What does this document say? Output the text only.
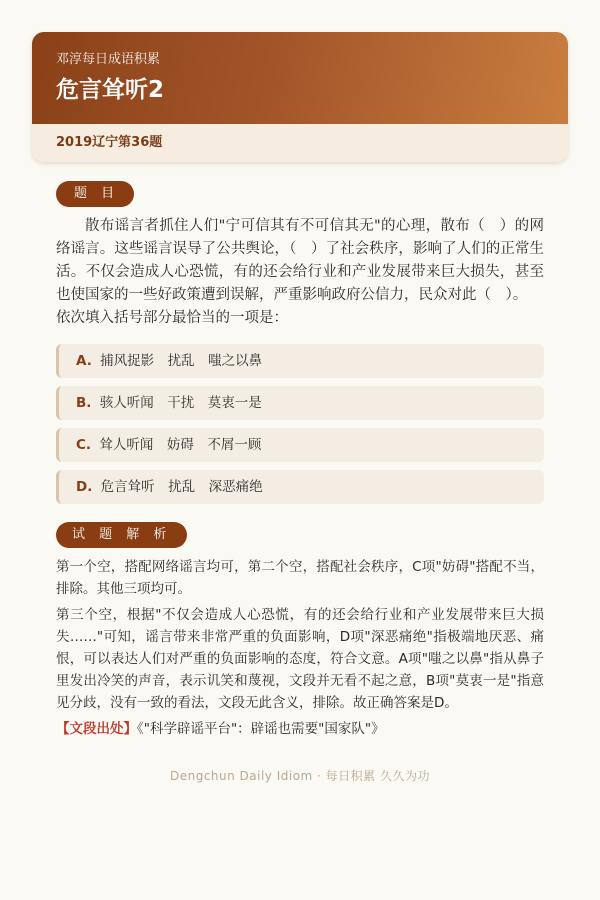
邓淳每日成语积累
危言耸听2
2019辽宁第36题
题 目
散布谣言者抓住人们"宁可信其有不可信其无"的心理，散布（　）的网络谣言。这些谣言误导了公共舆论，（　）了社会秩序，影响了人们的正常生活。不仅会造成人心恐慌，有的还会给行业和产业发展带来巨大损失，甚至也使国家的一些好政策遭到误解，严重影响政府公信力，民众对此（　）。
依次填入括号部分最恰当的一项是：
A. 捕风捉影　扰乱　嗤之以鼻
B. 骇人听闻　干扰　莫衷一是
C. 耸人听闻　妨碍　不屑一顾
D. 危言耸听　扰乱　深恶痛绝
试 题 解 析

第一个空，搭配网络谣言均可，第二个空，搭配社会秩序，C项"妨碍"搭配不当，排除。其他三项均可。

第三个空，根据"不仅会造成人心恐慌，有的还会给行业和产业发展带来巨大损失……"可知，谣言带来非常严重的负面影响，D项"深恶痛绝"指极端地厌恶、痛恨，可以表达人们对严重的负面影响的态度，符合文意。A项"嗤之以鼻"指从鼻子里发出冷笑的声音，表示讥笑和蔑视，文段并无看不起之意，B项"莫衷一是"指意见分歧，没有一致的看法，文段无此含义，排除。故正确答案是D。

【文段出处】《"科学辟谣平台"：辟谣也需要"国家队"》
Dengchun Daily Idiom · 每日积累 久久为功
